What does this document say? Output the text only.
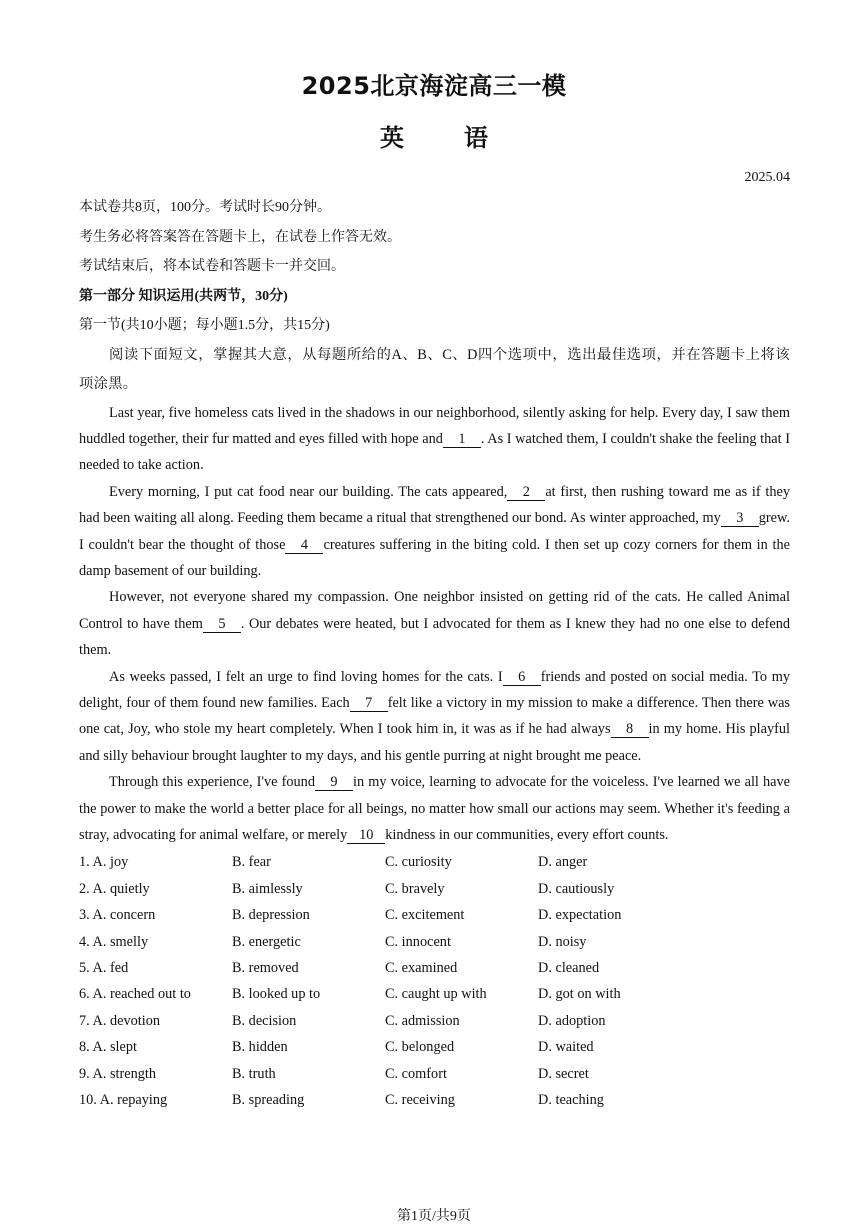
2025北京海淀高三一模
英	语
2025.04
本试卷共8页，100分。考试时长90分钟。
考生务必将答案答在答题卡上，在试卷上作答无效。
考试结束后，将本试卷和答题卡一并交回。
第一部分 知识运用(共两节，30分)
第一节(共10小题；每小题1.5分，共15分)

阅读下面短文，掌握其大意，从每题所给的A、B、C、D四个选项中，选出最佳选项，并在答题卡上将该项涂黑。

Last year, five homeless cats lived in the shadows in our neighborhood, silently asking for help. Every day, I saw them huddled together, their fur matted and eyes filled with hope and 1 . As I watched them, I couldn't shake the feeling that I needed to take action.

Every morning, I put cat food near our building. The cats appeared, 2 at first, then rushing toward me as if they had been waiting all along. Feeding them became a ritual that strengthened our bond. As winter approached, my 3 grew. I couldn't bear the thought of those 4 creatures suffering in the biting cold. I then set up cozy corners for them in the damp basement of our building.

However, not everyone shared my compassion. One neighbor insisted on getting rid of the cats. He called Animal Control to have them 5 . Our debates were heated, but I advocated for them as I knew they had no one else to defend them.

As weeks passed, I felt an urge to find loving homes for the cats. I 6 friends and posted on social media. To my delight, four of them found new families. Each 7 felt like a victory in my mission to make a difference. Then there was one cat, Joy, who stole my heart completely. When I took him in, it was as if he had always 8 in my home. His playful and silly behaviour brought laughter to my days, and his gentle purring at night brought me peace.

Through this experience, I've found 9 in my voice, learning to advocate for the voiceless. I've learned we all have the power to make the world a better place for all beings, no matter how small our actions may seem. Whether it's feeding a stray, advocating for animal welfare, or merely 10 kindness in our communities, every effort counts.

1. A. joy	B. fear	C. curiosity	D. anger
2. A. quietly	B. aimlessly	C. bravely	D. cautiously
3. A. concern	B. depression	C. excitement	D. expectation
4. A. smelly	B. energetic	C. innocent	D. noisy
5. A. fed	B. removed	C. examined	D. cleaned
6. A. reached out to	B. looked up to	C. caught up with	D. got on with
7. A. devotion	B. decision	C. admission	D. adoption
8. A. slept	B. hidden	C. belonged	D. waited
9. A. strength	B. truth	C. comfort	D. secret
10. A. repaying	B. spreading	C. receiving	D. teaching
第1页/共9页
